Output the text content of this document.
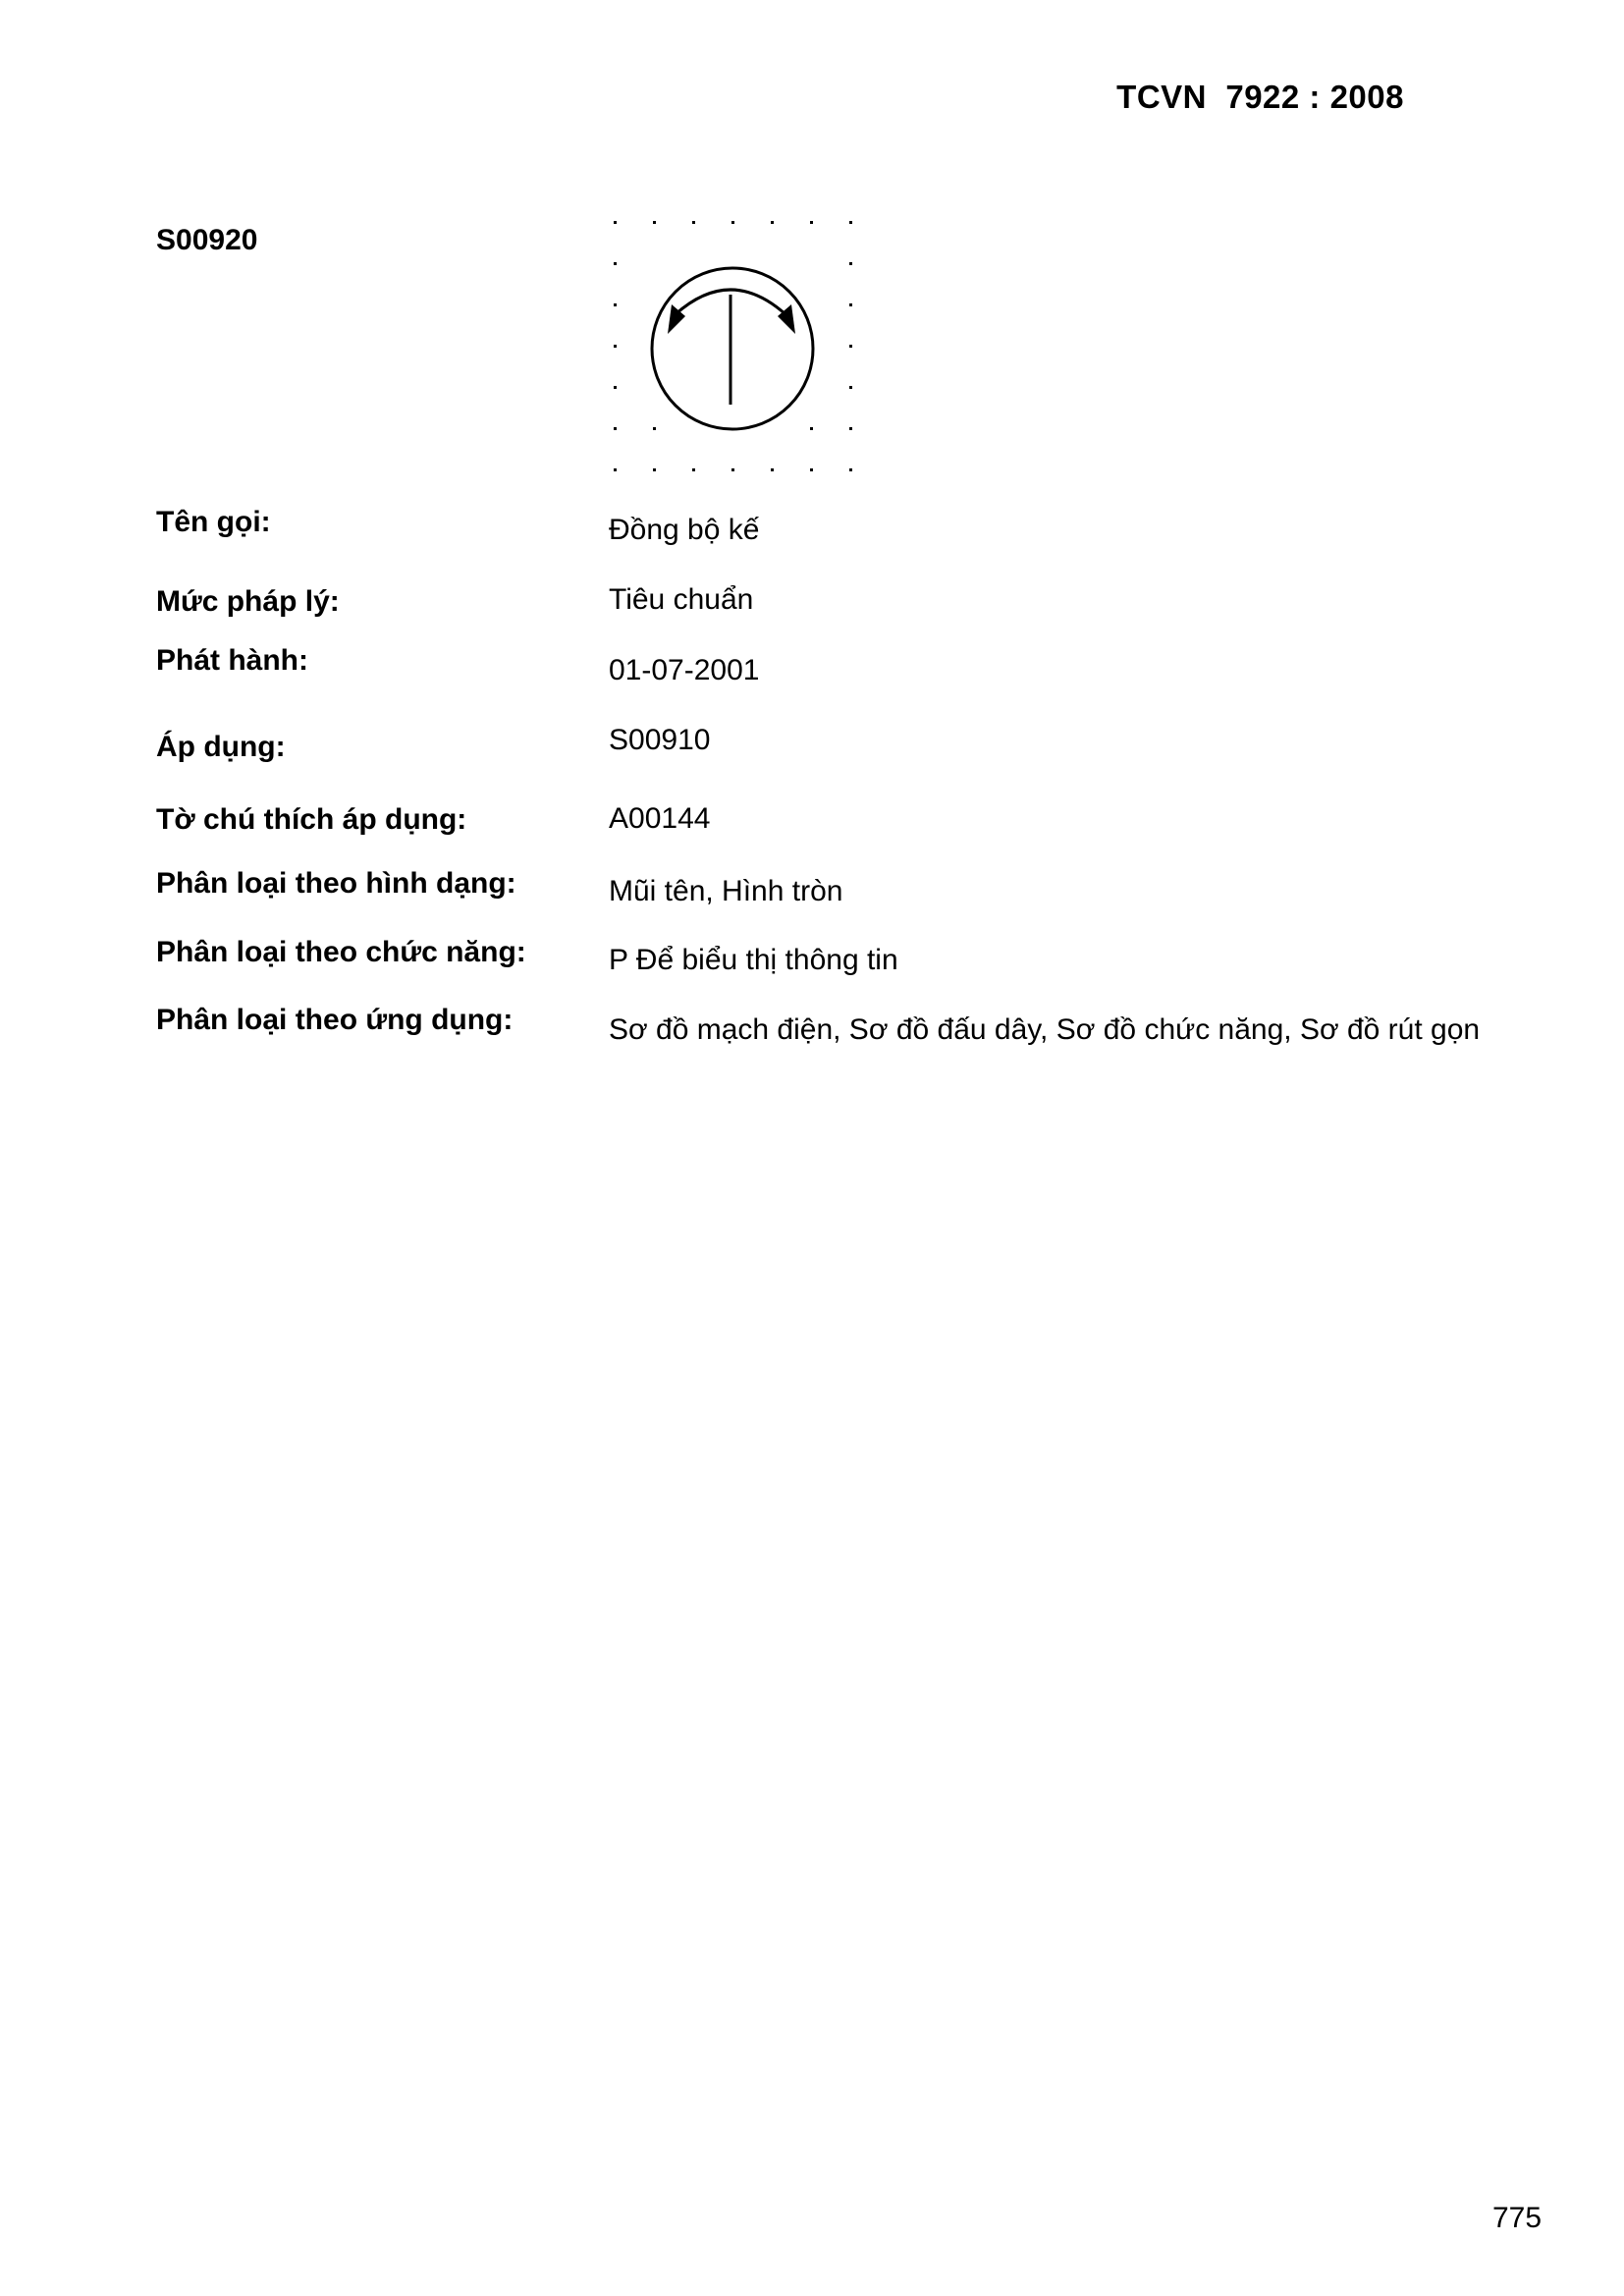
TCVN  7922 : 2008
S00920
Tên gọi:	Đồng bộ kế
Mức pháp lý:	Tiêu chuẩn
Phát hành:	01-07-2001
Áp dụng:	S00910
Tờ chú thích áp dụng:	A00144
Phân loại theo hình dạng:	Mũi tên, Hình tròn
Phân loại theo chức năng:	P Để biểu thị thông tin
Phân loại theo ứng dụng:	Sơ đồ mạch điện, Sơ đồ đấu dây, Sơ đồ chức năng, Sơ đồ rút gọn
775
